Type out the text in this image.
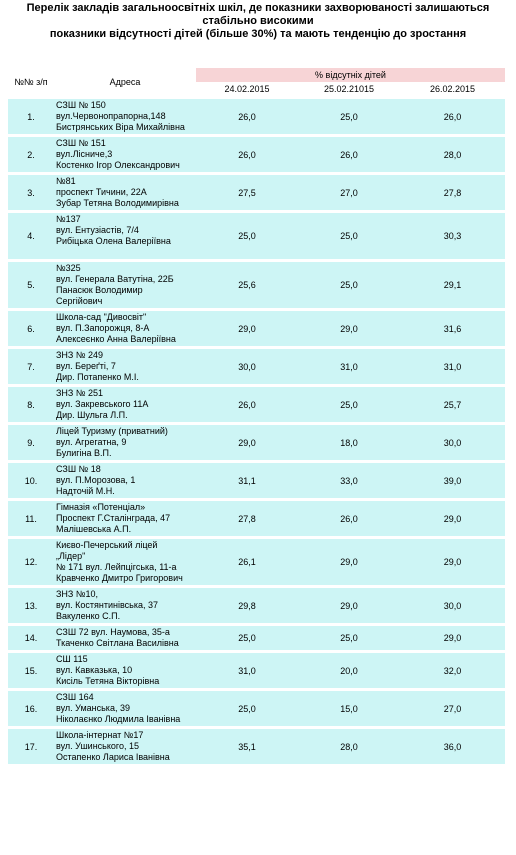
Перелік закладів загальноосвітніх шкіл, де показники захворюваності залишаються
стабільно високими
показники відсутності дітей (більше 30%) та мають тенденцію до зростання
№№ з/п	Адреса	% відсутніх дітей		
		24.02.2015	25.02.21015	26.02.2015

1.	СЗШ № 150
вул.Червонопрапорна,148
Бистрянських Віра Михайлівна	26,0	25,0	26,0
2.	СЗШ № 151
вул.Лісниче,3
Костенко Ігор Олександрович	26,0	26,0	28,0
3.	№81
проспект Тичини, 22А
Зубар Тетяна Володимирівна	27,5	27,0	27,8
4.	№137
вул. Ентузіастів, 7/4
Рибіцька Олена Валеріївна	25,0	25,0	30,3
5.	№325
вул. Генерала Ватутіна, 22Б
Панасюк Володимир
Сергійович	25,6	25,0	29,1
6.	Школа-сад "Дивосвіт"
вул. П.Запорожця, 8-А
Алексеєнко Анна Валеріївна	29,0	29,0	31,6
7.	ЗНЗ № 249
вул. Береґті, 7
Дир. Потапенко М.І.	30,0	31,0	31,0
8.	ЗНЗ № 251
вул. Закревського 11А
Дир. Шульга Л.П.	26,0	25,0	25,7
9.	Ліцей Туризму (приватний)
вул. Агрегатна, 9
Булигіна В.П.	29,0	18,0	30,0
10.	СЗШ № 18
вул. П.Морозова, 1
Надточій М.Н.	31,1	33,0	39,0
11.	Гімназія «Потенціал»
Проспект Г.Сталінграда, 47
Малішевська А.П.	27,8	26,0	29,0
12.	Києво-Печерський ліцей
„Лідер"
№ 171 вул. Лейпцігська, 11-а
Кравченко Дмитро Григорович	26,1	29,0	29,0
13.	ЗНЗ №10,
вул. Костянтинівська, 37
Вакуленко С.П.	29,8	29,0	30,0
14.	СЗШ 72 вул. Наумова, 35-а
Ткаченко Світлана Василівна	25,0	25,0	29,0
15.	СШ 115
вул. Кавказька, 10
Кисіль Тетяна Вікторівна	31,0	20,0	32,0
16.	СЗШ 164
вул. Уманська, 39
Ніколаєнко Людмила Іванівна	25,0	15,0	27,0
17.	Школа-інтернат №17
вул. Ушинського, 15
Остапенко Лариса Іванівна	35,1	28,0	36,0
